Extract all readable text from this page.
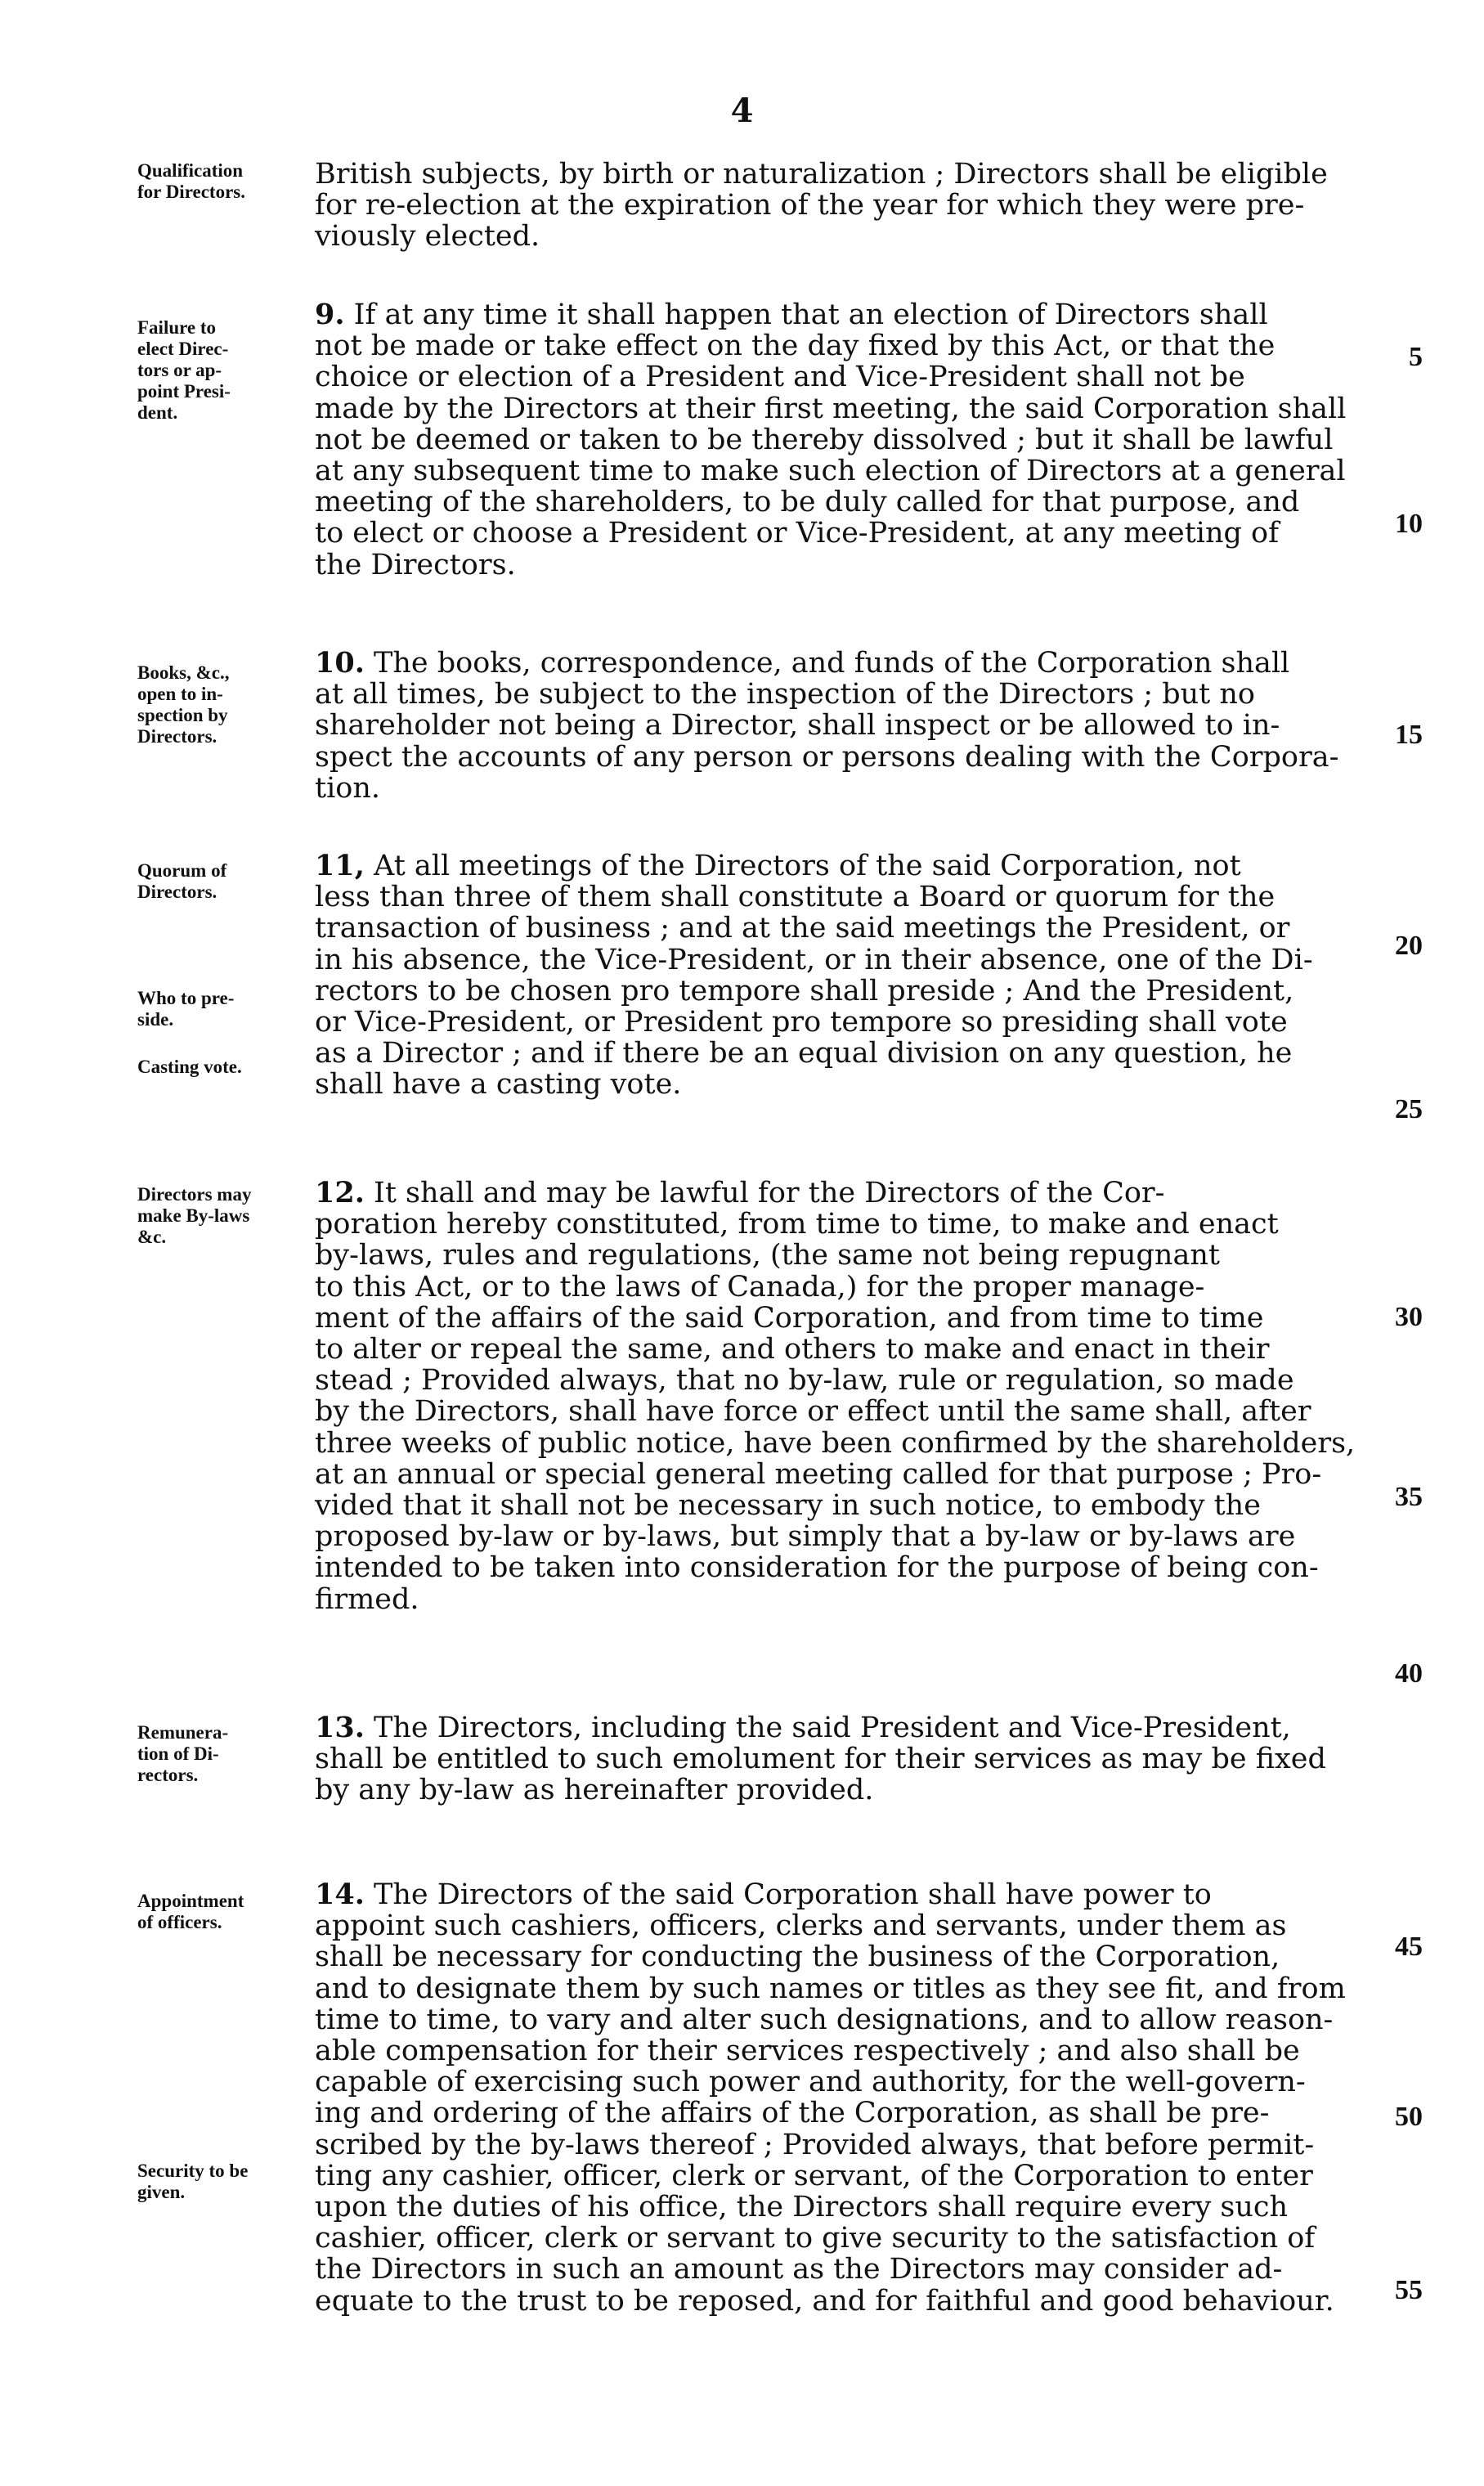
4
Qualification
for Directors.
Failure to
elect Direc-
tors or ap-
point Presi-
dent.
Books, &c.,
open to in-
spection by
Directors.
Quorum of
Directors.
Who to pre-
side.
Casting vote.
Directors may
make By-laws
&c.
Remunera-
tion of Di-
rectors.
Appointment
of officers.
Security to be
given.
British subjects, by birth or naturalization ; Directors shall be eligible
for re-election at the expiration of the year for which they were pre-
viously elected.
9. If at any time it shall happen that an election of Directors shall
not be made or take effect on the day fixed by this Act, or that the
choice or election of a President and Vice-President shall not be
made by the Directors at their first meeting, the said Corporation shall
not be deemed or taken to be thereby dissolved ; but it shall be lawful
at any subsequent time to make such election of Directors at a general
meeting of the shareholders, to be duly called for that purpose, and
to elect or choose a President or Vice-President, at any meeting of
the Directors.
10. The books, correspondence, and funds of the Corporation shall
at all times, be subject to the inspection of the Directors ; but no
shareholder not being a Director, shall inspect or be allowed to in-
spect the accounts of any person or persons dealing with the Corpora-
tion.
11, At all meetings of the Directors of the said Corporation, not
less than three of them shall constitute a Board or quorum for the
transaction of business ; and at the said meetings the President, or
in his absence, the Vice-President, or in their absence, one of the Di-
rectors to be chosen pro tempore shall preside ; And the President,
or Vice-President, or President pro tempore so presiding shall vote
as a Director ; and if there be an equal division on any question, he
shall have a casting vote.
12. It shall and may be lawful for the Directors of the Cor-
poration hereby constituted, from time to time, to make and enact
by-laws, rules and regulations, (the same not being repugnant
to this Act, or to the laws of Canada,) for the proper manage-
ment of the affairs of the said Corporation, and from time to time
to alter or repeal the same, and others to make and enact in their
stead ; Provided always, that no by-law, rule or regulation, so made
by the Directors, shall have force or effect until the same shall, after
three weeks of public notice, have been confirmed by the shareholders,
at an annual or special general meeting called for that purpose ; Pro-
vided that it shall not be necessary in such notice, to embody the
proposed by-law or by-laws, but simply that a by-law or by-laws are
intended to be taken into consideration for the purpose of being con-
firmed.
13. The Directors, including the said President and Vice-President,
shall be entitled to such emolument for their services as may be fixed
by any by-law as hereinafter provided.
14. The Directors of the said Corporation shall have power to
appoint such cashiers, officers, clerks and servants, under them as
shall be necessary for conducting the business of the Corporation,
and to designate them by such names or titles as they see fit, and from
time to time, to vary and alter such designations, and to allow reason-
able compensation for their services respectively ; and also shall be
capable of exercising such power and authority, for the well-govern-
ing and ordering of the affairs of the Corporation, as shall be pre-
scribed by the by-laws thereof ; Provided always, that before permit-
ting any cashier, officer, clerk or servant, of the Corporation to enter
upon the duties of his office, the Directors shall require every such
cashier, officer, clerk or servant to give security to the satisfaction of
the Directors in such an amount as the Directors may consider ad-
equate to the trust to be reposed, and for faithful and good behaviour.
5
10
15
20
25
30
35
40
45
50
55
